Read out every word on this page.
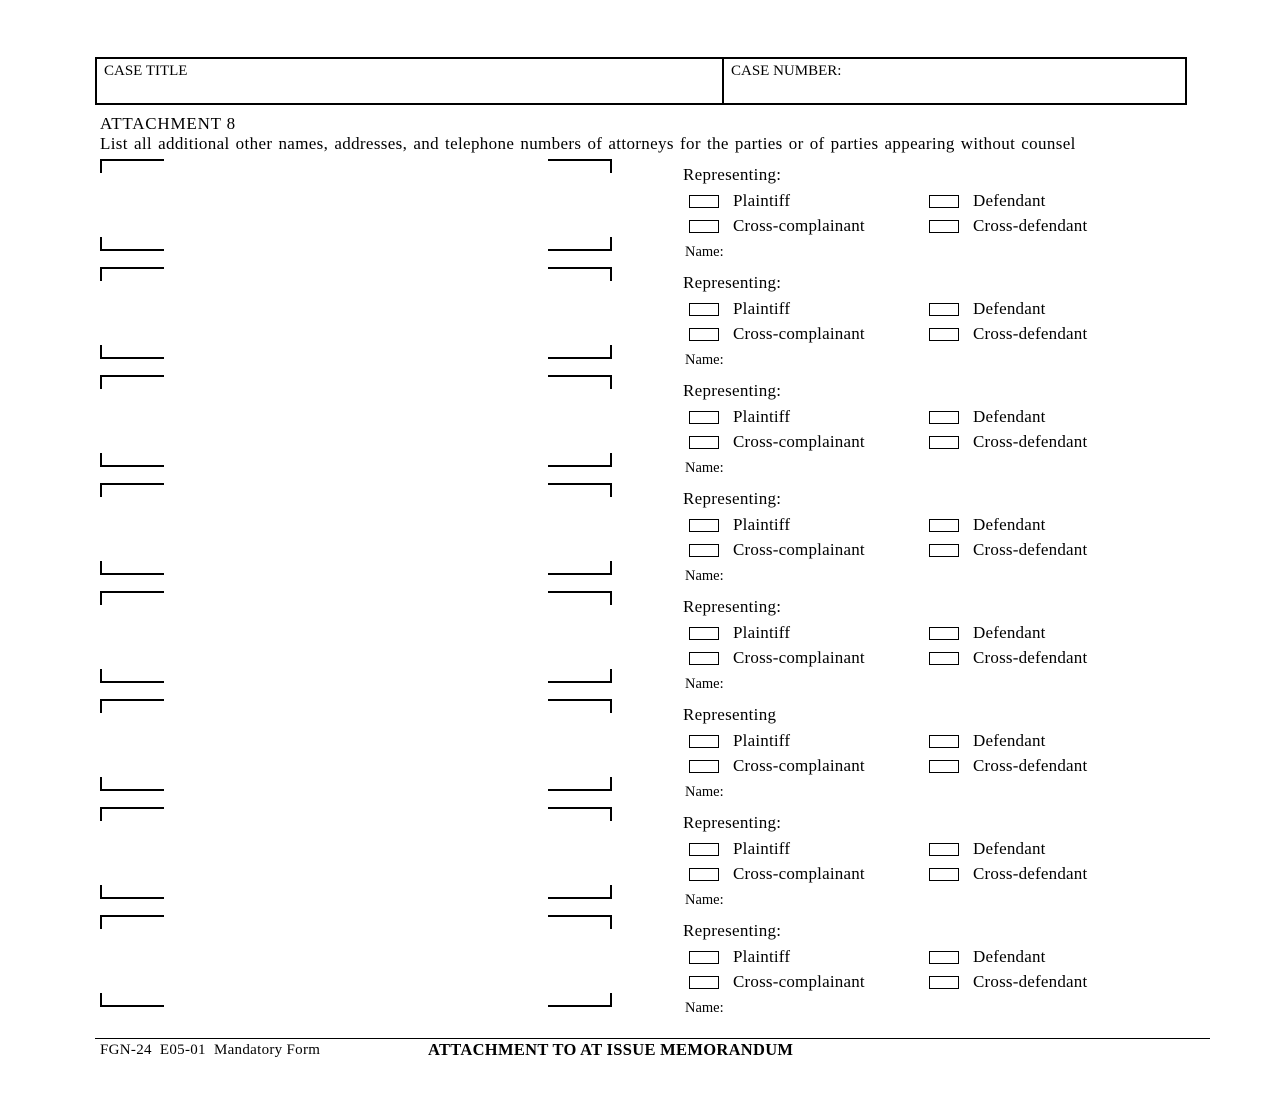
CASE TITLE	CASE NUMBER:
ATTACHMENT 8
List all additional other names, addresses, and telephone numbers of attorneys for the parties or of parties appearing without counsel
Representing:
Plaintiff	Defendant
Cross-complainant	Cross-defendant
Name:
Representing:
Plaintiff	Defendant
Cross-complainant	Cross-defendant
Name:
Representing:
Plaintiff	Defendant
Cross-complainant	Cross-defendant
Name:
Representing:
Plaintiff	Defendant
Cross-complainant	Cross-defendant
Name:
Representing:
Plaintiff	Defendant
Cross-complainant	Cross-defendant
Name:
Representing
Plaintiff	Defendant
Cross-complainant	Cross-defendant
Name:
Representing:
Plaintiff	Defendant
Cross-complainant	Cross-defendant
Name:
Representing:
Plaintiff	Defendant
Cross-complainant	Cross-defendant
Name:
FGN-24  E05-01  Mandatory Form	ATTACHMENT TO AT ISSUE MEMORANDUM
